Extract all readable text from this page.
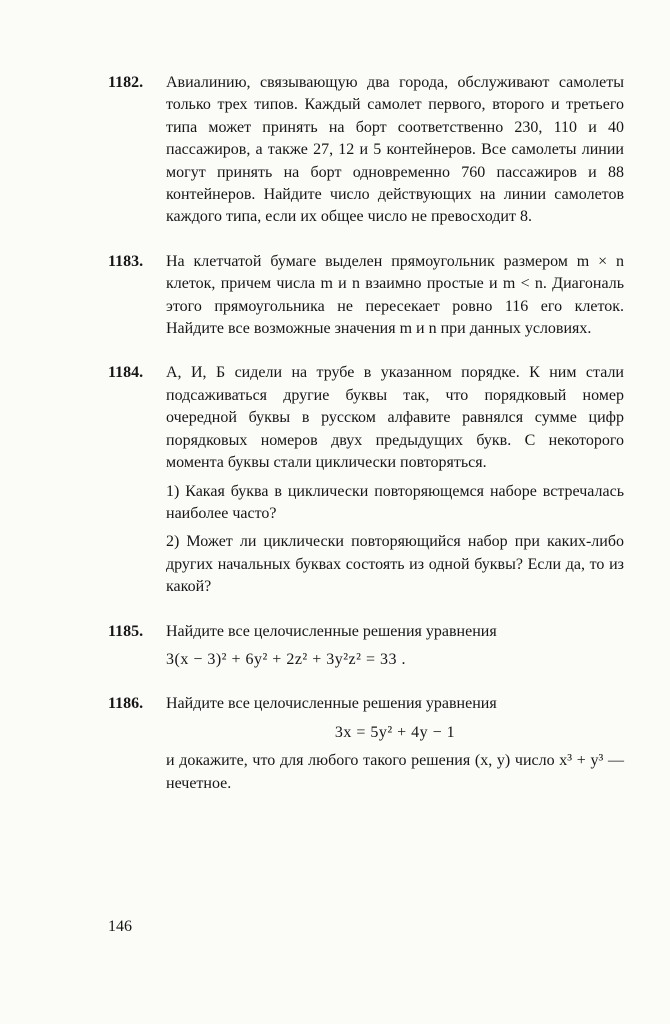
1182.	Авиалинию, связывающую два города, обслуживают самолеты только трех типов. Каждый самолет первого, второго и третьего типа может принять на борт соответственно 230, 110 и 40 пассажиров, а также 27, 12 и 5 контейнеров. Все самолеты линии могут принять на борт одновременно 760 пассажиров и 88 контейнеров. Найдите число действующих на линии самолетов каждого типа, если их общее число не превосходит 8.

1183.	На клетчатой бумаге выделен прямоугольник размером m × n клеток, причем числа m и n взаимно простые и m < n. Диагональ этого прямоугольника не пересекает ровно 116 его клеток. Найдите все возможные значения m и n при данных условиях.

1184.	А, И, Б сидели на трубе в указанном порядке. К ним стали подсаживаться другие буквы так, что порядковый номер очередной буквы в русском алфавите равнялся сумме цифр порядковых номеров двух предыдущих букв. С некоторого момента буквы стали циклически повторяться.

1) Какая буква в циклически повторяющемся наборе встречалась наиболее часто?

2) Может ли циклически повторяющийся набор при каких-либо других начальных буквах состоять из одной буквы? Если да, то из какой?

1185.	Найдите все целочисленные решения уравнения

3(x − 3)² + 6y² + 2z² + 3y²z² = 33 .

1186.	Найдите все целочисленные решения уравнения

3x = 5y² + 4y − 1

и докажите, что для любого такого решения (x, y) число x³ + y³ — нечетное.

146
